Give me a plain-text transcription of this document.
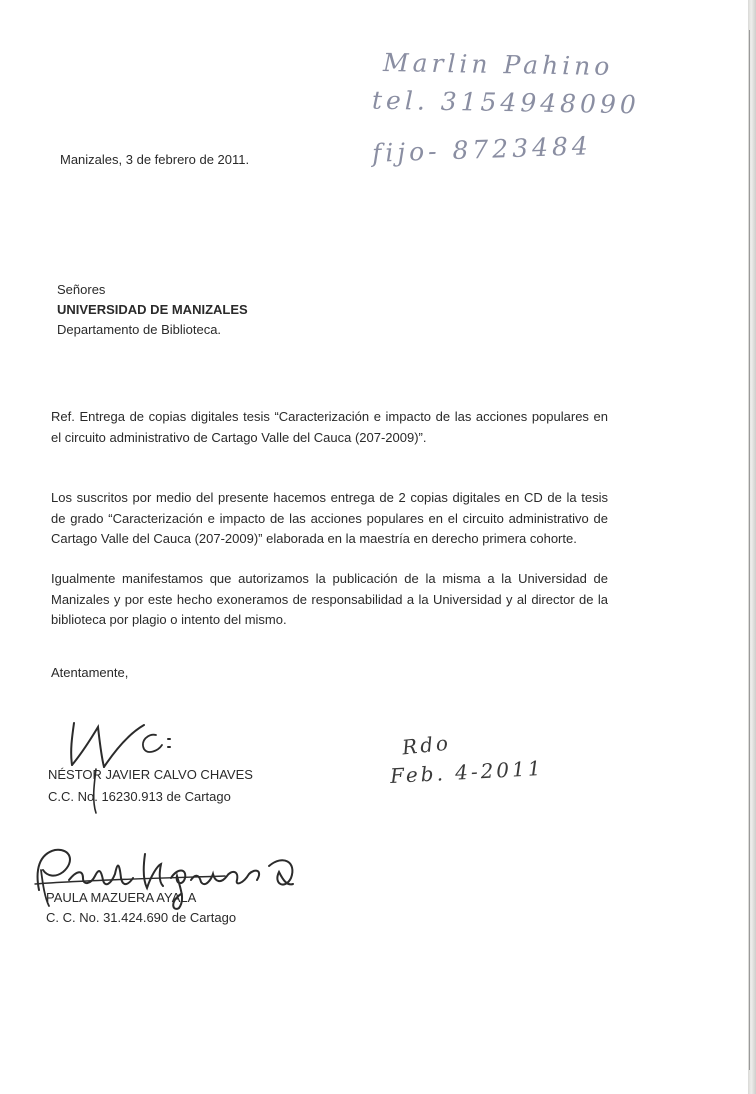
Marlin Pahino
tel. 3154948090
fijo- 8723484
Manizales, 3 de febrero de 2011.
Señores
UNIVERSIDAD DE MANIZALES
Departamento de Biblioteca.
Ref. Entrega de copias digitales tesis “Caracterización e impacto de las acciones populares en el circuito administrativo de Cartago Valle del Cauca (207-2009)”.
Los suscritos por medio del presente hacemos entrega de 2 copias digitales en CD de la tesis de grado “Caracterización e impacto de las acciones populares en el circuito administrativo de Cartago Valle del Cauca (207-2009)” elaborada en la maestría en derecho primera cohorte.
Igualmente manifestamos que autorizamos la publicación de la misma a la Universidad de Manizales y por este hecho exoneramos de responsabilidad a la Universidad y al director de la biblioteca por plagio o intento del mismo.
Atentamente,
NÉSTOR JAVIER CALVO CHAVES
C.C. No. 16230.913 de Cartago
Rdo
Feb. 4-2011
PAULA MAZUERA AYALA
C. C. No. 31.424.690 de Cartago
